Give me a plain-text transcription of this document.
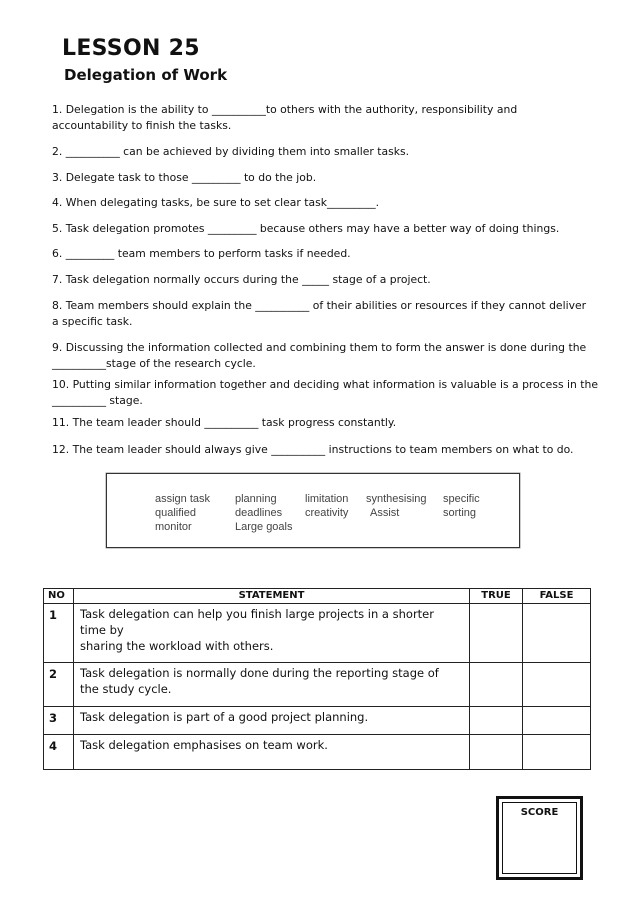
LESSON 25
Delegation of Work
1. Delegation is the ability to __________to others with the authority, responsibility and
accountability to finish the tasks.
2. __________ can be achieved by dividing them into smaller tasks.
3. Delegate task to those _________ to do the job.
4. When delegating tasks, be sure to set clear task_________.
5. Task delegation promotes _________ because others may have a better way of doing things.
6. _________ team members to perform tasks if needed.
7. Task delegation normally occurs during the _____ stage of a project.
8. Team members should explain the __________ of their abilities or resources if they cannot deliver
a specific task.
9. Discussing the information collected and combining them to form the answer is done during the
__________stage of the research cycle.
10. Putting similar information together and deciding what information is valuable is a process in the
__________ stage.
11. The team leader should __________ task progress constantly.
12. The team leader should always give __________ instructions to team members on what to do.
assign task
qualified
monitor
planning
deadlines
Large goals
limitation
creativity
synthesising
Assist
specific
sorting
NO	STATEMENT	TRUE	FALSE
1	Task delegation can help you finish large projects in a shorter
time by
sharing the workload with others.		

2	Task delegation is normally done during the reporting stage of
the study cycle.		

3	Task delegation is part of a good project planning.		

4	Task delegation emphasises on team work.		

SCORE
